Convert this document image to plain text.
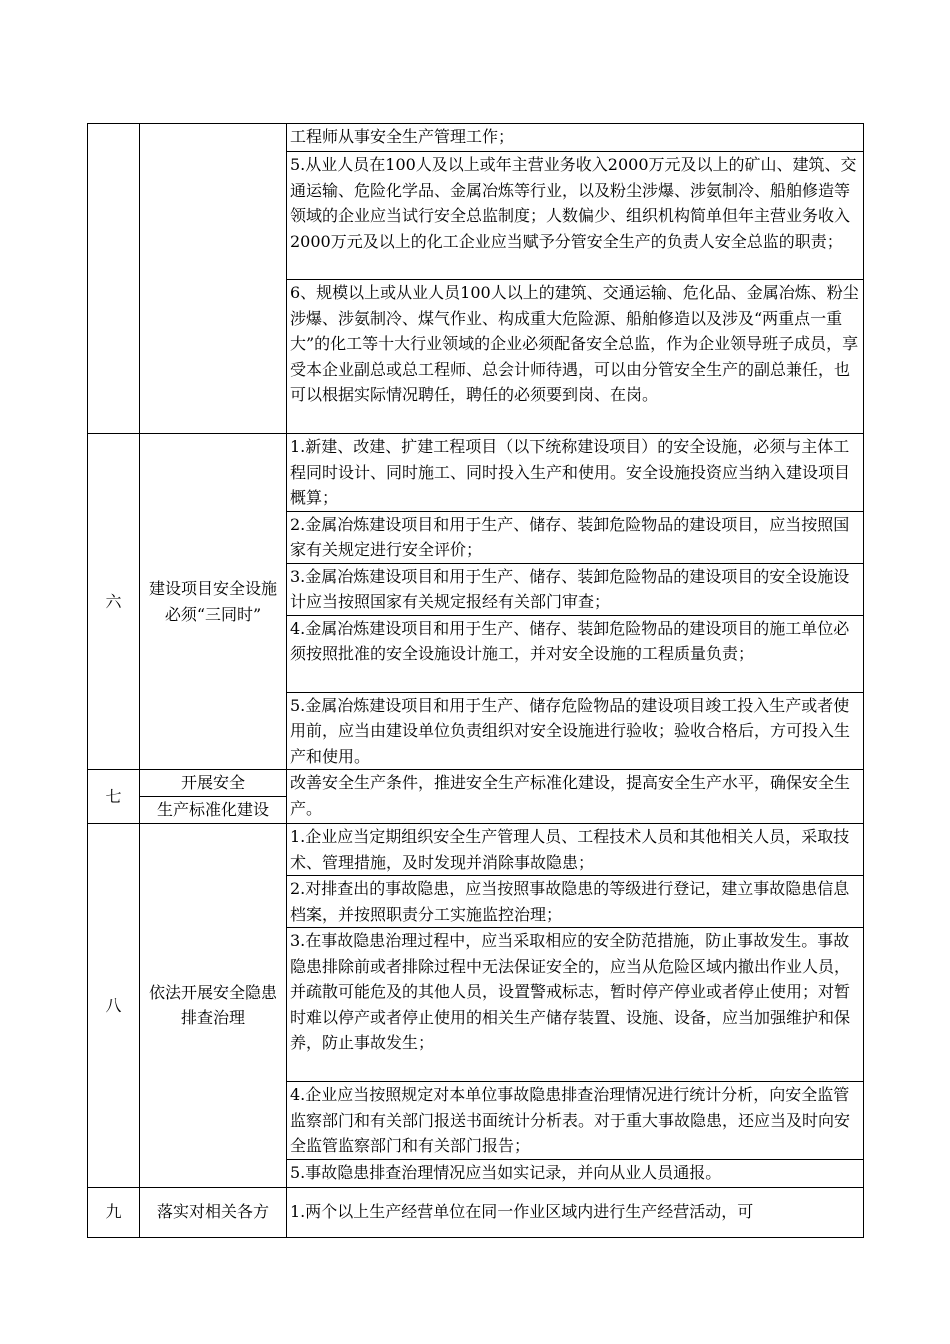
		工程师从事安全生产管理工作；
		5.从业人员在100人及以上或年主营业务收入2000万元及以上的矿山、建筑、交通运输、危险化学品、金属冶炼等行业，以及粉尘涉爆、涉氨制冷、船舶修造等领域的企业应当试行安全总监制度；人数偏少、组织机构简单但年主营业务收入2000万元及以上的化工企业应当赋予分管安全生产的负责人安全总监的职责；
		6、规模以上或从业人员100人以上的建筑、交通运输、危化品、金属冶炼、粉尘涉爆、涉氨制冷、煤气作业、构成重大危险源、船舶修造以及涉及“两重点一重大”的化工等十大行业领域的企业必须配备安全总监，作为企业领导班子成员，享受本企业副总或总工程师、总会计师待遇，可以由分管安全生产的副总兼任，也可以根据实际情况聘任，聘任的必须要到岗、在岗。
六	建设项目安全设施必须“三同时”	1.新建、改建、扩建工程项目（以下统称建设项目）的安全设施，必须与主体工程同时设计、同时施工、同时投入生产和使用。安全设施投资应当纳入建设项目概算；
		2.金属冶炼建设项目和用于生产、储存、装卸危险物品的建设项目，应当按照国家有关规定进行安全评价；
		3.金属冶炼建设项目和用于生产、储存、装卸危险物品的建设项目的安全设施设计应当按照国家有关规定报经有关部门审查；
		4.金属冶炼建设项目和用于生产、储存、装卸危险物品的建设项目的施工单位必须按照批准的安全设施设计施工，并对安全设施的工程质量负责；
		5.金属冶炼建设项目和用于生产、储存危险物品的建设项目竣工投入生产或者使用前，应当由建设单位负责组织对安全设施进行验收；验收合格后，方可投入生产和使用。
七	开展安全	改善安全生产条件，推进安全生产标准化建设，提高安全生产水平，确保安全生产。
	生产标准化建设	
八	依法开展安全隐患排查治理	1.企业应当定期组织安全生产管理人员、工程技术人员和其他相关人员，采取技术、管理措施，及时发现并消除事故隐患；
		2.对排查出的事故隐患，应当按照事故隐患的等级进行登记，建立事故隐患信息档案，并按照职责分工实施监控治理；
		3.在事故隐患治理过程中，应当采取相应的安全防范措施，防止事故发生。事故隐患排除前或者排除过程中无法保证安全的，应当从危险区域内撤出作业人员，并疏散可能危及的其他人员，设置警戒标志，暂时停产停业或者停止使用；对暂时难以停产或者停止使用的相关生产储存装置、设施、设备，应当加强维护和保养，防止事故发生；
		4.企业应当按照规定对本单位事故隐患排查治理情况进行统计分析，向安全监管监察部门和有关部门报送书面统计分析表。对于重大事故隐患，还应当及时向安全监管监察部门和有关部门报告；
		5.事故隐患排查治理情况应当如实记录，并向从业人员通报。
九	落实对相关各方	1.两个以上生产经营单位在同一作业区域内进行生产经营活动，可
